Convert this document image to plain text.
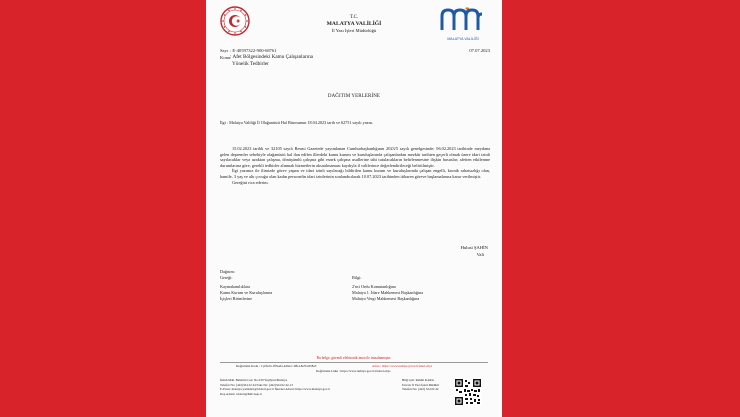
T.C.
MALATYA VALİLİĞİ
İl Yazı İşleri Müdürlüğü
MALATYA VALİLİĞİ
Sayı : E-40597322-900-68761	07.07.2023
Konu : Afet Bölgesindeki Kamu Çalışanlarına
Yönelik Tedbirler
DAĞITIM YERLERİNE
İlgi : Malatya Valiliği İl Olağanüstü Hal Bürosunun 18.04.2023 tarih ve 62751 sayılı yazısı.

15.02.2023 tarihli ve 32105 sayılı Resmi Gazetede yayımlanan Cumhurbaşkanlığının 2023/5 sayılı genelgesinde; 06.02.2023 tarihinde meydana gelen depremler sebebiyle olağanüstü hal ilan edilen illerdeki kamu kurum ve kuruluşlarında çalışanlardan mezkûr tarihten geçerli olmak üzere idari izinli sayılacaklar veya uzaktan çalışma, dönüşümlü çalışma gibi esnek çalışma usullerine tabi tutulacakların belirlenmesine ilişkin hususlar; afetten etkilenme durumlarına göre, gerekli tedbirler alınmak hizmetlerin aksatılmaması kaydıyla il valilerince değerlendirileceği belirtilmiştir.

İlgi yazımız ile ilimizde görev yapan ve idari izinli sayılacağı bildirilen kamu kurum ve kuruluşlarında çalışan engelli, kronik rahatsızlığı olan, hamile, 3 yaş ve altı çocuğu olan kadın personelin idari izinlerinin sonlandırılarak 10.07.2023 tarihinden itibaren göreve başlamalarına karar verilmiştir.

Gereğini rica ederim.

Hulusi ŞAHİN
Vali
Dağıtım:
Gereği:
Kaymakamlıklara
Kamu Kurum ve Kuruluşlarına
İçişleri Birimlerine
Bilgi:
2'nci Ordu Komutanlığına
Malatya 1. İdare Mahkemesi Başkanlığına
Malatya Vergi Mahkemesi Başkanlığına
Bu belge, güvenli elektronik imza ile imzalanmıştır.
Doğrulama Kodu : 2 jbfwbv-8f3aefa-4d0ecc-9fb4-8e7b2d58a3	Adres : https://www.turkiye.gov.tr/icisleri-ebys
Doğrulama Linki : https://www.turkiye.gov.tr/icisleri-ebys
İnönü Mah. Bahattin Cad. No:230 Yeşilyurt/Malatya
Telefon No: (422)324 22 44 Faks No: (422)324 02 42-13
E-Posta: malatya.yaziisleri@icisleri.gov.tr İnternet Adresi: https://www.malatya.gov.tr
Kep Adresi: icisleri@hs01.kep.tr
Bilgi için: Rahmi KARA
Unvan: İl Yazı İşleri Müdürü
Telefon No: (422) 324 02 42
